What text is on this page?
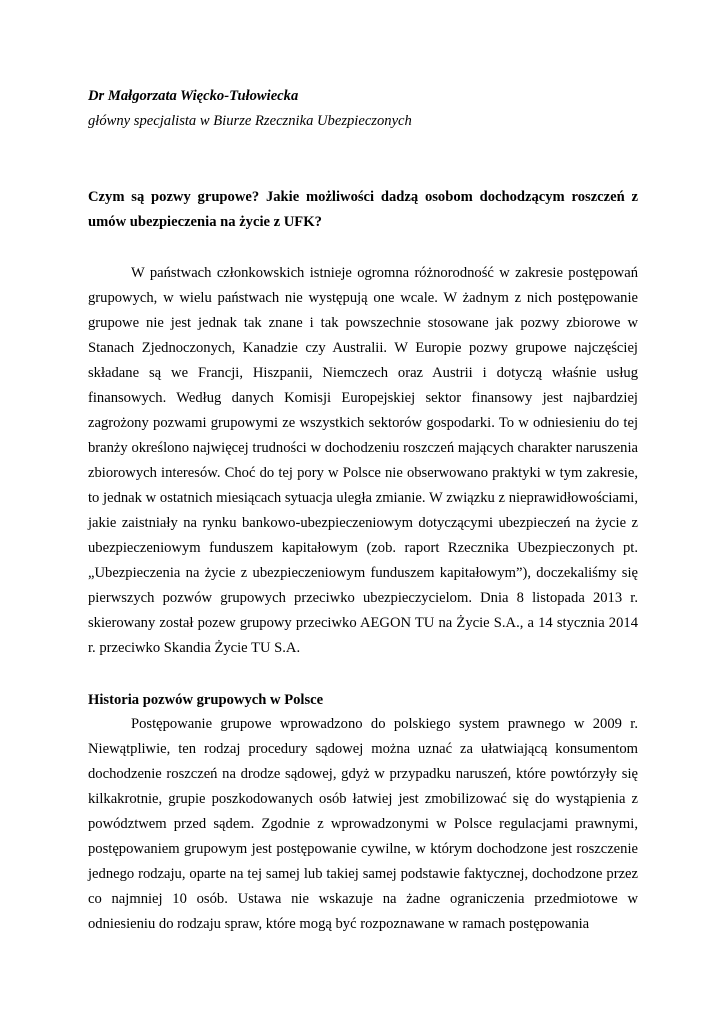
Dr Małgorzata Więcko-Tułowiecka

główny specjalista w Biurze Rzecznika Ubezpieczonych

Czym są pozwy grupowe? Jakie możliwości dadzą osobom dochodzącym roszczeń z umów ubezpieczenia na życie z UFK?

W państwach członkowskich istnieje ogromna różnorodność w zakresie postępowań grupowych, w wielu państwach nie występują one wcale. W żadnym z nich postępowanie grupowe nie jest jednak tak znane i tak powszechnie stosowane jak pozwy zbiorowe w Stanach Zjednoczonych, Kanadzie czy Australii. W Europie pozwy grupowe najczęściej składane są we Francji, Hiszpanii, Niemczech oraz Austrii i dotyczą właśnie usług finansowych. Według danych Komisji Europejskiej sektor finansowy jest najbardziej zagrożony pozwami grupowymi ze wszystkich sektorów gospodarki. To w odniesieniu do tej branży określono najwięcej trudności w dochodzeniu roszczeń mających charakter naruszenia zbiorowych interesów. Choć do tej pory w Polsce nie obserwowano praktyki w tym zakresie, to jednak w ostatnich miesiącach sytuacja uległa zmianie. W związku z nieprawidłowościami, jakie zaistniały na rynku bankowo-ubezpieczeniowym dotyczącymi ubezpieczeń na życie z ubezpieczeniowym funduszem kapitałowym (zob. raport Rzecznika Ubezpieczonych pt. „Ubezpieczenia na życie z ubezpieczeniowym funduszem kapitałowym”), doczekaliśmy się pierwszych pozwów grupowych przeciwko ubezpieczycielom. Dnia 8 listopada 2013 r. skierowany został pozew grupowy przeciwko AEGON TU na Życie S.A., a 14 stycznia 2014 r. przeciwko Skandia Życie TU S.A.

Historia pozwów grupowych w Polsce

Postępowanie grupowe wprowadzono do polskiego system prawnego w 2009 r. Niewątpliwie, ten rodzaj procedury sądowej można uznać za ułatwiającą konsumentom dochodzenie roszczeń na drodze sądowej, gdyż w przypadku naruszeń, które powtórzyły się kilkakrotnie, grupie poszkodowanych osób łatwiej jest zmobilizować się do wystąpienia z powództwem przed sądem. Zgodnie z wprowadzonymi w Polsce regulacjami prawnymi, postępowaniem grupowym jest postępowanie cywilne, w którym dochodzone jest roszczenie jednego rodzaju, oparte na tej samej lub takiej samej podstawie faktycznej, dochodzone przez co najmniej 10 osób. Ustawa nie wskazuje na żadne ograniczenia przedmiotowe w odniesieniu do rodzaju spraw, które mogą być rozpoznawane w ramach postępowania
